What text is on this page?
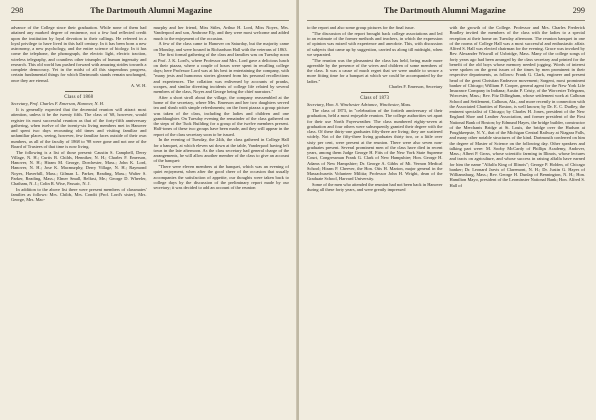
298	The Dartmouth Alumni Magazine

advance of the College since their graduation. While none of them had attained any marked degree of eminence, not a few had reflected credit upon the institution by loyal devotion to their callings. He referred in a loyal privilege to have lived in this half century. In it has been born a new astronomy, a new psychology, and the entire science of biology. In it has come the telephone, the phonograph, the electric light, electric traction, wireless telegraphy, and countless other triumphs of human ingenuity and research. This old world has pushed forward with amazing strides towards a complete democracy. Yet in the midst of all this stupendous progress, certain fundamental things for which Dartmouth stands remain unchanged, once they are eternal.

A. W. H.

Class of 1868

Secretary, Prof. Charles F. Emerson, Hanover, N. H.

It is generally expected that the decennial reunion will attract most attention, unless it be the twenty fifth. The class of '68, however, would register its most successful reunion as that of the forty-fifth anniversary gathering, when twelve of the twenty-six living members met in Hanover and spent two days recounting old times and visiting familiar and unfamiliar places, seeing, however, few familiar faces outside of their own numbers, as all of the faculty of 1868 to '98 were gone and not one of the Board of Trustees of that time is now living.

The following is a list of those present: Caustin S. Campbell, Derry Village, N. H.; Curtis B. Childs, Henniker, N. H.; Charles F. Emerson, Hanover, N. H.; Hiram M. George, Dorchester, Mass.; John K. Lord, Hanover, N. H.; Jose K. Macmurphy, Derry Village, N. H.; Raymond Noyes, Haverhill, Mass.; Gilman L. Parker, Reading, Mass.; Walter S. Parker, Reading, Mass.; Elmer Small, Belfast, Me.; George D. Wheeler, Chatham, N. J.; Colin R. Wise, Passaic, N. J.

In addition to the above list there were present members of classmates' families as follows: Mrs. Childs, Mrs. Condit (Prof. Lord's sister), Mrs. George, Mrs. Mac-

murphy and her friend, Miss Stiles, Arthur H. Lord, Miss Noyes, Mrs. Vanderpool and son, Ambrose Ely, and they were most welcome and added much to the enjoyment of the occasion.

A few of the class came to Hanover on Saturday, but the majority came on Monday, and were housed in Richardson Hall with the veterans of 1863.

The first formal gathering of the class and families was on Tuesday noon at Prof. J. K. Lord's, where Professor and Mrs. Lord gave a delicious lunch on their piazza, where a couple of hours were spent in recalling college days; here Professor Lord was at his best in entertaining the company, with "many jests and humorous stories gleaned from his personal recollections and experiences. The collation was enlivened by accounts of pranks, scrapes, and similar diverting incidents of college life related by several members of the class, Noyes and George being the chief narrators."

After a short stroll about the village, the company reassembled at the home of the secretary, where Mrs. Emerson and her two daughters served tea and shrub with simple refreshments; on the front piazza a group picture was taken of the class, including the ladies and children and one granddaughter. On Tuesday evening the remainder of the class gathered on the steps of the Tuck Building for a group of the twelve members present. Half-tones of these two groups have been made, and they will appear in the report of the class secretary soon to be issued.

In the evening of Tuesday, the 24th, the class gathered in College Hall for a banquet, at which eleven sat down at the table, Vanderpool having left town in the late afternoon. As the class secretary had general charge of the arrangements, he will allow another member of the class to give an account of the banquet:

"There were eleven members at the banquet, which was an evening of quiet enjoyment, when after the good cheer of the occasion that usually accompanies the satisfaction of appetite, our thoughts were taken back to college days by the discussion of the preliminary report made by our secretary; it was decided to add an account of the reunion

The Dartmouth Alumni Magazine	299

to the report and also some group pictures for the final issue.

"The discussion of the report brought back college associations and led to an estimate of the former methods and teachers, in which the expression of opinion was mixed with experience and anecdote. This, with discussion of subjects that came up by suggestion, carried us along till midnight, when we separated.

"The reunion was the pleasantest the class has held, being made more agreeable by the presence of the wives and children of some members of the class. It was a cause of much regret that we were unable to secure a more fitting time for a banquet at which we could be accompanied by the ladies."

Charles F. Emerson, Secretary

Class of 1873

Secretary, Hon. S. Winchester Adriance, Winchester, Mass.

The class of 1873, in "celebration of the fortieth anniversary of their graduation, held a most enjoyable reunion. The college authorities set apart for their use North Fayerweather. The class numbered eighty-seven at graduation and four others were subsequently granted their degree with the class. Of these thirty-one graduates fifty-three are living; they are scattered widely. Not of the fifty-three living graduates thirty two, or a little over sixty per cent, were present at the reunion. There were also seven non-graduates present. Several prominent men of the class have died in recent years, among them Judge George H. Fitts of the New York State Supreme Court, Congressman Frank G. Clark of New Hampshire; Hon. George H. Adams of New Hampshire; Dr. George A. Gibbs of Mt. Vernon Medical School; Hiram P. Cheever, the Hon. Otis H. Marion, major general in the Massachusetts Volunteer Militia; Professor John H. Wright, dean of the Graduate School, Harvard University.

Some of the men who attended the reunion had not been back in Hanover during all these forty years, and were greatly impressed

with the growth of the College. Professor and Mrs. Charles Frederick Bradley invited the members of the class with the ladies to a special reception at their home on Tuesday afternoon. The reunion banquet in one of the rooms of College Hall was a most successful and enthusiastic affair. Alfred S. Hall was elected chairman for the evening. Grace was invoked by Rev. Alexander Wiswall of Uxbridge, Mass. Many of the college songs of forty years ago had been arranged by the class secretary and printed for the benefit of the old boys whose memory needed jogging. Words of interest were spoken on the great issues of the times by men prominent in their respective departments, as follows: Frank G. Clark, engineer and present head of the great Christian Endeavor movement; Sargent, most prominent banker of Chicago; William P. Cooper, general agent for the New York Life Insurance Company in Indiana; Austin P. Cristy, of the Worcester Telegram, Worcester, Mass.; Rev. Fitz Dillingham, whose settlement work at Calhoun School and Settlement, Calhoun, Ala., and more recently in connection with the Associated Charities of Boston, is well known; by Dr. E. C. Dudley, the eminent specialist of Chicago; by Charles H. Jones, president of the New England Shoe and Leather Association, and former president of the First National Bank of Boston; by Edmund Hayes, the bridge builder, constructor of the Merchants Bridge at St. Louis, the bridge over the Hudson at Poughkeepsie, N. Y., that of the Michigan Central Railway at Niagara Falls, and many other notable structures of the kind. Dartmouth conferred on him the degree of Master of Science on the following day. Other speakers and talking part were: M. Sooby McCardy of Phillips Academy, Andover, Mass.; Albert P. Gross, whose scientific farming in Illinois, whose lectures and tracts on agriculture, and whose success in raising alfalfa have earned for him the name "Alfalfa King of Illinois"; George P. Holden, of Chicago banker; Dr. Leonard Jarvis of Claremont, N. H.; Dr. Justin G. Hayes of Williamsburg, Mass.; Rev. George H. Dunlap of Bennington, N. H.; Hon. Hamilton Mayo, president of the Leominster National Bank; Hon. Alfred S. Hall of
